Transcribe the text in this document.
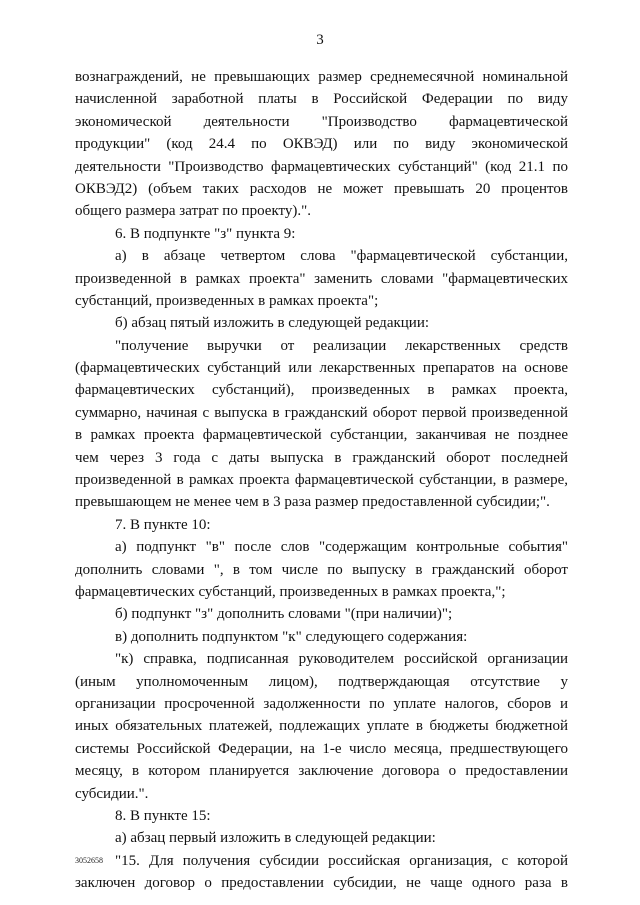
3
вознаграждений, не превышающих размер среднемесячной номинальной
начисленной заработной платы в Российской Федерации по виду
экономической деятельности "Производство фармацевтической
продукции" (код 24.4 по ОКВЭД) или по виду экономической
деятельности "Производство фармацевтических субстанций" (код 21.1 по
ОКВЭД2) (объем таких расходов не может превышать 20 процентов
общего размера затрат по проекту).".
6. В подпункте "з" пункта 9:
а) в абзаце четвертом слова "фармацевтической субстанции,
произведенной в рамках проекта" заменить словами "фармацевтических
субстанций, произведенных в рамках проекта";
б) абзац пятый изложить в следующей редакции:
"получение выручки от реализации лекарственных средств
(фармацевтических субстанций или лекарственных препаратов на основе
фармацевтических субстанций), произведенных в рамках проекта,
суммарно, начиная с выпуска в гражданский оборот первой произведенной
в рамках проекта фармацевтической субстанции, заканчивая не позднее
чем через 3 года с даты выпуска в гражданский оборот последней
произведенной в рамках проекта фармацевтической субстанции, в размере,
превышающем не менее чем в 3 раза размер предоставленной субсидии;".
7. В пункте 10:
а) подпункт "в" после слов "содержащим контрольные события"
дополнить словами ", в том числе по выпуску в гражданский оборот
фармацевтических субстанций, произведенных в рамках проекта,";
б) подпункт "з" дополнить словами "(при наличии)";
в) дополнить подпунктом "к" следующего содержания:
"к) справка, подписанная руководителем российской организации
(иным уполномоченным лицом), подтверждающая отсутствие у
организации просроченной задолженности по уплате налогов, сборов и
иных обязательных платежей, подлежащих уплате в бюджеты бюджетной
системы Российской Федерации, на 1-е число месяца, предшествующего
месяцу, в котором планируется заключение договора о предоставлении
субсидии.".
8. В пункте 15:
а) абзац первый изложить в следующей редакции:
"15. Для получения субсидии российская организация, с которой
заключен договор о предоставлении субсидии, не чаще одного раза в
3052658
